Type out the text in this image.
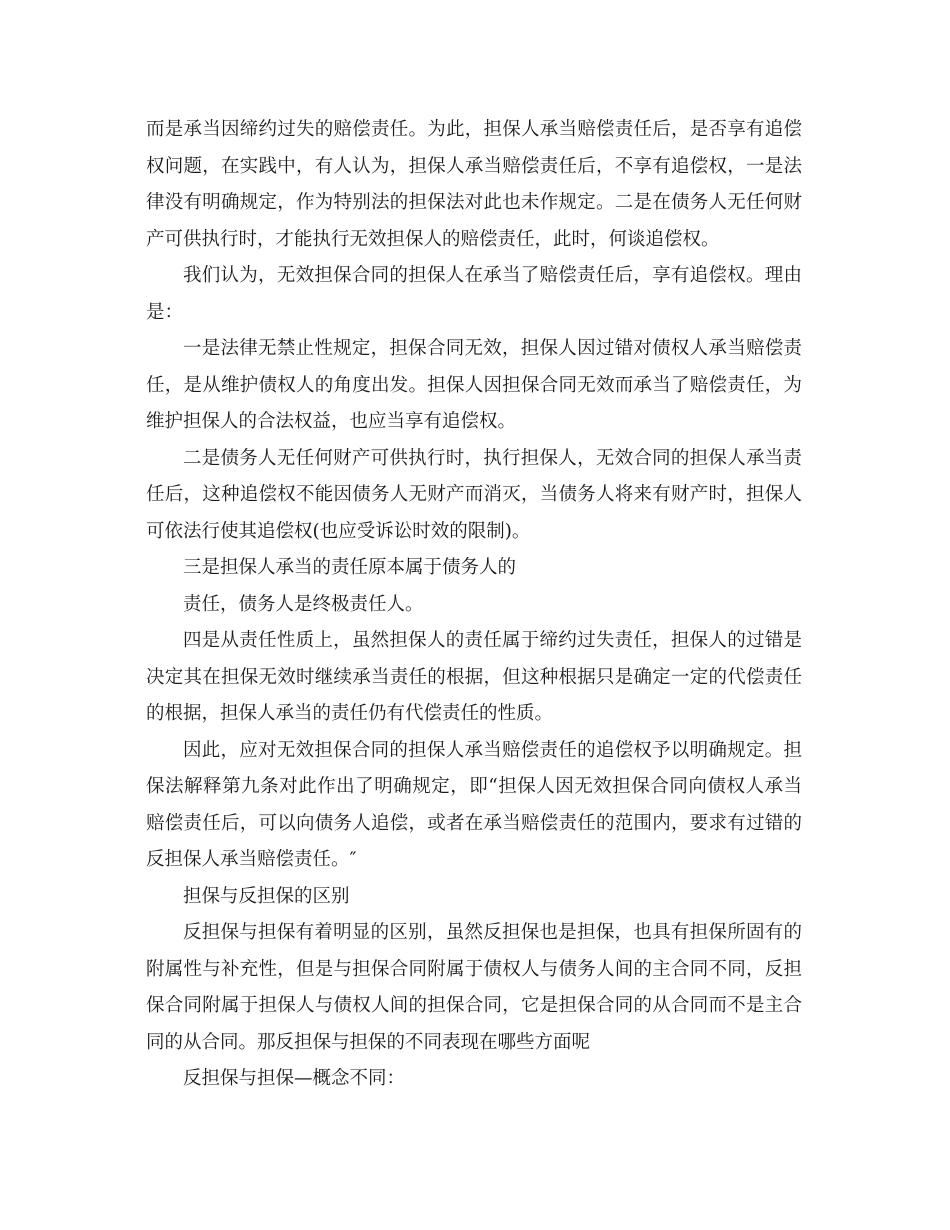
而是承当因缔约过失的赔偿责任。为此，担保人承当赔偿责任后，是否享有追偿权问题，在实践中，有人认为，担保人承当赔偿责任后，不享有追偿权，一是法律没有明确规定，作为特别法的担保法对此也未作规定。二是在债务人无任何财产可供执行时，才能执行无效担保人的赔偿责任，此时，何谈追偿权。

我们认为，无效担保合同的担保人在承当了赔偿责任后，享有追偿权。理由是：

一是法律无禁止性规定，担保合同无效，担保人因过错对债权人承当赔偿责任，是从维护债权人的角度出发。担保人因担保合同无效而承当了赔偿责任，为维护担保人的合法权益，也应当享有追偿权。

二是债务人无任何财产可供执行时，执行担保人，无效合同的担保人承当责任后，这种追偿权不能因债务人无财产而消灭，当债务人将来有财产时，担保人可依法行使其追偿权(也应受诉讼时效的限制)。

三是担保人承当的责任原本属于债务人的

责任，债务人是终极责任人。

四是从责任性质上，虽然担保人的责任属于缔约过失责任，担保人的过错是决定其在担保无效时继续承当责任的根据，但这种根据只是确定一定的代偿责任的根据，担保人承当的责任仍有代偿责任的性质。

因此，应对无效担保合同的担保人承当赔偿责任的追偿权予以明确规定。担保法解释第九条对此作出了明确规定，即“担保人因无效担保合同向债权人承当赔偿责任后，可以向债务人追偿，或者在承当赔偿责任的范围内，要求有过错的反担保人承当赔偿责任。″

担保与反担保的区别

反担保与担保有着明显的区别，虽然反担保也是担保，也具有担保所固有的附属性与补充性，但是与担保合同附属于债权人与债务人间的主合同不同，反担保合同附属于担保人与债权人间的担保合同，它是担保合同的从合同而不是主合同的从合同。那反担保与担保的不同表现在哪些方面呢

反担保与担保—概念不同：
